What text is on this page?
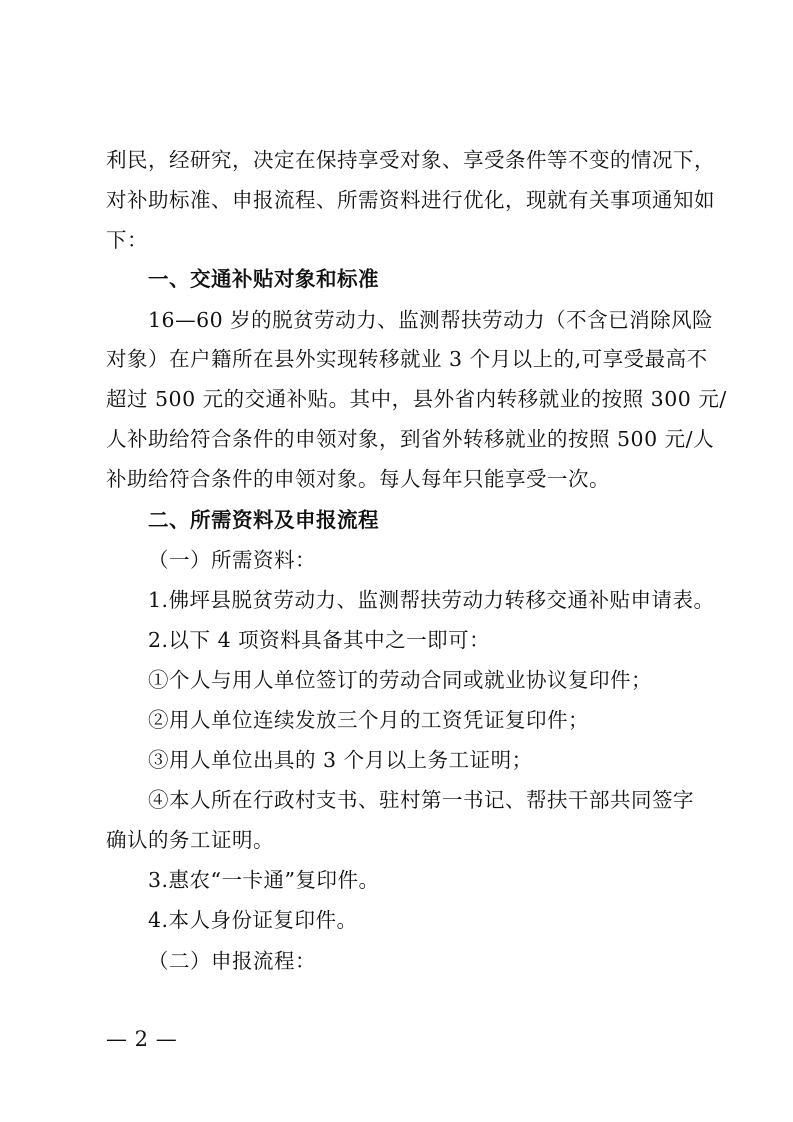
利民，经研究，决定在保持享受对象、享受条件等不变的情况下，
对补助标准、申报流程、所需资料进行优化，现就有关事项通知如
下：
一、交通补贴对象和标准
16—60 岁的脱贫劳动力、监测帮扶劳动力（不含已消除风险
对象）在户籍所在县外实现转移就业 3 个月以上的,可享受最高不
超过 500 元的交通补贴。其中，县外省内转移就业的按照 300 元/
人补助给符合条件的申领对象，到省外转移就业的按照 500 元/人
补助给符合条件的申领对象。每人每年只能享受一次。
二、所需资料及申报流程
（一）所需资料：
1.佛坪县脱贫劳动力、监测帮扶劳动力转移交通补贴申请表。
2.以下 4 项资料具备其中之一即可：
①个人与用人单位签订的劳动合同或就业协议复印件；
②用人单位连续发放三个月的工资凭证复印件；
③用人单位出具的 3 个月以上务工证明；
④本人所在行政村支书、驻村第一书记、帮扶干部共同签字
确认的务工证明。
3.惠农“一卡通”复印件。
4.本人身份证复印件。
（二）申报流程：
— 2 —
